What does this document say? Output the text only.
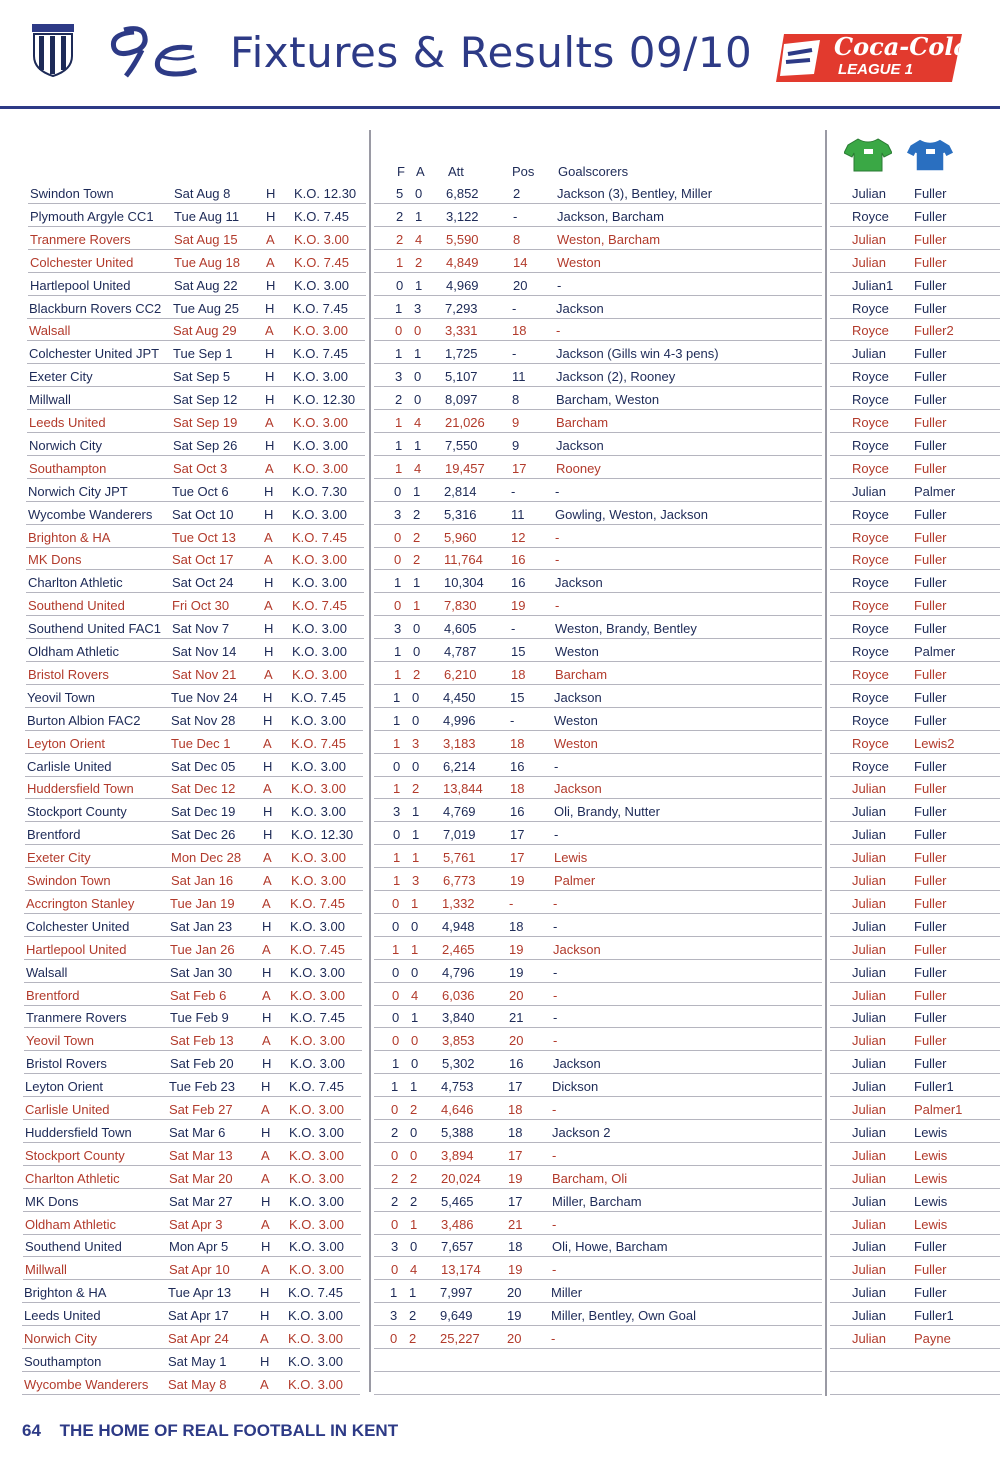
Fixtures & Results 09/10	Coca-Cola
LEAGUE 1
F A Att	Pos Goalscorers
Swindon Town	Sat Aug 8	H K.O. 12.30	5 0 6,852	2	Jackson (3), Bentley, Miller	Julian Fuller
Plymouth Argyle CC1 Tue Aug 11 H K.O. 7.45	2 1 3,122	-	Jackson, Barcham	Royce Fuller
Tranmere Rovers	Sat Aug 15 A K.O. 3.00	2 4 5,590	8	Weston, Barcham	Julian Fuller
Colchester United	Tue Aug 18 A K.O. 7.45	1 2 4,849	14 Weston	Julian Fuller
Hartlepool United	Sat Aug 22 H K.O. 3.00	0 1 4,969	20 -	Julian1 Fuller
Blackburn Rovers CC2 Tue Aug 25 H K.O. 7.45	1 3 7,293	-	Jackson	Royce Fuller
Walsall	Sat Aug 29 A K.O. 3.00	0 0 3,331	18 -	Royce Fuller2
Colchester United JPT Tue Sep 1 H K.O. 7.45	1 1 1,725	-	Jackson (Gills win 4-3 pens)	Julian Fuller
Exeter City	Sat Sep 5	H K.O. 3.00	3 0 5,107	11 Jackson (2), Rooney	Royce Fuller
Millwall	Sat Sep 12 H K.O. 12.30	2 0 8,097	8	Barcham, Weston	Royce Fuller
Leeds United	Sat Sep 19 A K.O. 3.00	1 4 21,026 9	Barcham	Royce Fuller
Norwich City	Sat Sep 26 H K.O. 3.00	1 1 7,550	9	Jackson	Royce Fuller
Southampton	Sat Oct 3	A K.O. 3.00	1 4 19,457 17 Rooney	Royce Fuller
Norwich City JPT	Tue Oct 6	H K.O. 7.30	0 1 2,814	-	-	Julian Palmer
Wycombe Wanderers Sat Oct 10 H K.O. 3.00	3 2 5,316	11 Gowling, Weston, Jackson	Royce Fuller
Brighton & HA	Tue Oct 13 A K.O. 7.45	0 2 5,960	12 -	Royce Fuller
MK Dons	Sat Oct 17 A K.O. 3.00	0 2 11,764 16 -	Royce Fuller
Charlton Athletic	Sat Oct 24 H K.O. 3.00	1 1 10,304 16 Jackson	Royce Fuller
Southend United	Fri Oct 30	A K.O. 7.45	0 1 7,830	19 -	Royce Fuller
Southend United FAC1 Sat Nov 7	H K.O. 3.00	3 0 4,605	-	Weston, Brandy, Bentley	Royce Fuller
Oldham Athletic	Sat Nov 14 H K.O. 3.00	1 0 4,787	15 Weston	Royce Palmer
Bristol Rovers	Sat Nov 21 A K.O. 3.00	1 2 6,210	18 Barcham	Royce Fuller
Yeovil Town	Tue Nov 24 H K.O. 7.45	1 0 4,450	15 Jackson	Royce Fuller
Burton Albion FAC2 Sat Nov 28 H K.O. 3.00	1 0 4,996	-	Weston	Royce Fuller
Leyton Orient	Tue Dec 1	A K.O. 7.45	1 3 3,183	18 Weston	Royce Lewis2
Carlisle United	Sat Dec 05 H K.O. 3.00	0 0 6,214	16 -	Royce Fuller
Huddersfield Town	Sat Dec 12 A K.O. 3.00	1 2 13,844 18 Jackson	Julian Fuller
Stockport County	Sat Dec 19 H K.O. 3.00	3 1 4,769	16 Oli, Brandy, Nutter	Julian Fuller
Brentford	Sat Dec 26 H K.O. 12.30	0 1 7,019	17 -	Julian Fuller
Exeter City	Mon Dec 28 A K.O. 3.00	1 1 5,761	17 Lewis	Julian Fuller
Swindon Town	Sat Jan 16 A K.O. 3.00	1 3 6,773	19 Palmer	Julian Fuller
Accrington Stanley	Tue Jan 19 A K.O. 7.45	0 1 1,332	-	-	Julian Fuller
Colchester United	Sat Jan 23 H K.O. 3.00	0 0 4,948	18 -	Julian Fuller
Hartlepool United	Tue Jan 26 A K.O. 7.45	1 1 2,465	19 Jackson	Julian Fuller
Walsall	Sat Jan 30 H K.O. 3.00	0 0 4,796	19 -	Julian Fuller
Brentford	Sat Feb 6	A K.O. 3.00	0 4 6,036	20 -	Julian Fuller
Tranmere Rovers	Tue Feb 9	H K.O. 7.45	0 1 3,840	21 -	Julian Fuller
Yeovil Town	Sat Feb 13 A K.O. 3.00	0 0 3,853	20 -	Julian Fuller
Bristol Rovers	Sat Feb 20 H K.O. 3.00	1 0 5,302	16 Jackson	Julian Fuller
Leyton Orient	Tue Feb 23 H K.O. 7.45	1 1 4,753	17 Dickson	Julian Fuller1
Carlisle United	Sat Feb 27 A K.O. 3.00	0 2 4,646	18 -	Julian Palmer1
Huddersfield Town	Sat Mar 6	H K.O. 3.00	2 0 5,388	18 Jackson 2	Julian Lewis
Stockport County	Sat Mar 13 A K.O. 3.00	0 0 3,894	17 -	Julian Lewis
Charlton Athletic	Sat Mar 20 A K.O. 3.00	2 2 20,024 19 Barcham, Oli	Julian Lewis
MK Dons	Sat Mar 27 H K.O. 3.00	2 2 5,465	17 Miller, Barcham	Julian Lewis
Oldham Athletic	Sat Apr 3	A K.O. 3.00	0 1 3,486	21 -	Julian Lewis
Southend United	Mon Apr 5	H K.O. 3.00	3 0 7,657	18 Oli, Howe, Barcham	Julian Fuller
Millwall	Sat Apr 10 A K.O. 3.00	0 4 13,174 19 -	Julian Fuller
Brighton & HA	Tue Apr 13 H K.O. 7.45	1 1 7,997	20 Miller	Julian Fuller
Leeds United	Sat Apr 17 H K.O. 3.00	3 2 9,649	19 Miller, Bentley, Own Goal	Julian Fuller1
Norwich City	Sat Apr 24 A K.O. 3.00	0 2 25,227 20 -	Julian Payne
Southampton	Sat May 1	H K.O. 3.00
Wycombe Wanderers Sat May 8	A K.O. 3.00
64 THE HOME OF REAL FOOTBALL IN KENT
